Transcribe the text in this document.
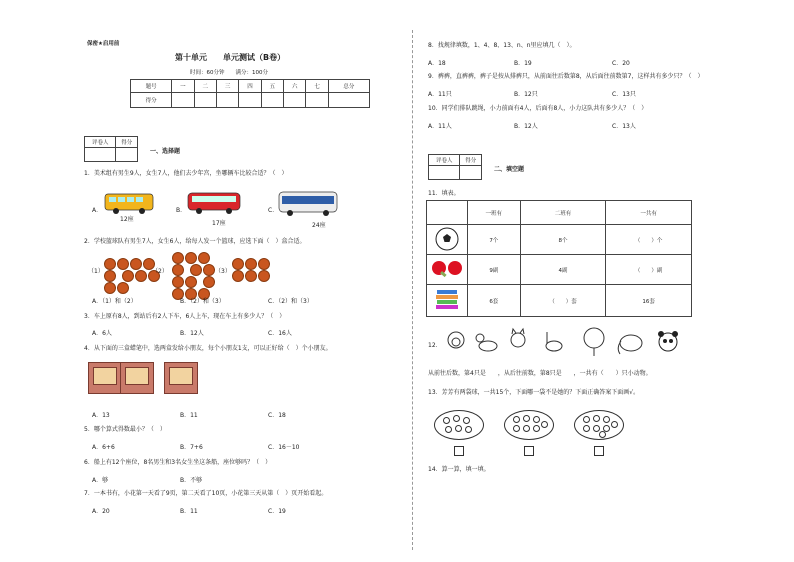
保密★启用前
第十单元　　单元测试（B卷）
时间：60分钟　　满分：100分
题号	一	二	三	四	五	六	七	总分
得分								
评卷人	得分

一、选择题
1．美术组有男生9人，女生7人，他们去少年宫，坐哪辆车比较合适？（　）
A．
12座
B．
17座
C．
24座
2．学校篮球队有男生7人，女生6人，给每人发一个篮球，应选下面（　）盒合适。
（1）
	（2）
	（3）

A．（1）和（2）	B．（2）和（3）	C．（2）和（3）
3．车上原有8人，到站后有2人下车，6人上车，现在车上有多少人？（　）
A．6人	B．12人	C．16人
4．从下面的三盒蜡笔中，选两盒发给小朋友，每个小朋友1支，可以正好给（　）个小朋友。
A．13	B．11	C．18
5．哪个算式得数最小？（　）
A．6+6	B．7+6	C．16－10
6．船上有12个座位，8名男生和3名女生坐这条船，座位够吗？（　）
A．够	B．不够
7．一本书有，小花第一天看了9页，第二天看了10页，小花第三天从第（　）页开始看起。
A．20	B．11	C．19
8．找规律填数，1、4、8、13、n、n里应填几（　）。
A．18	B．19	C．20
9．裤裤，直裤裤，裤子是按从排裤只，从前面往后数第8，从后面往前数第7，这样共有多少只？（　）
A．11只	B．12只	C．13只
10．同学们排队跳绳，小力前面有4人，后面有8人，小力这队共有多少人？（　）
A．11人	B．12人	C．13人
评卷人	得分

二、填空题
11．填表。
	一班有	二班有	一共有
	7个	8个	（　　）个
	9副	4副	（　　）副
	6套	（　　）套	16套
12．
从前往后数，第4只是　　，从后往前数，第8只是　　，一共有（　　）只小动物。
13．芳芳有两袋球，一共15个，下面哪一袋不是她的？下面正确答案下面画√。
14．算一算，填一填。
